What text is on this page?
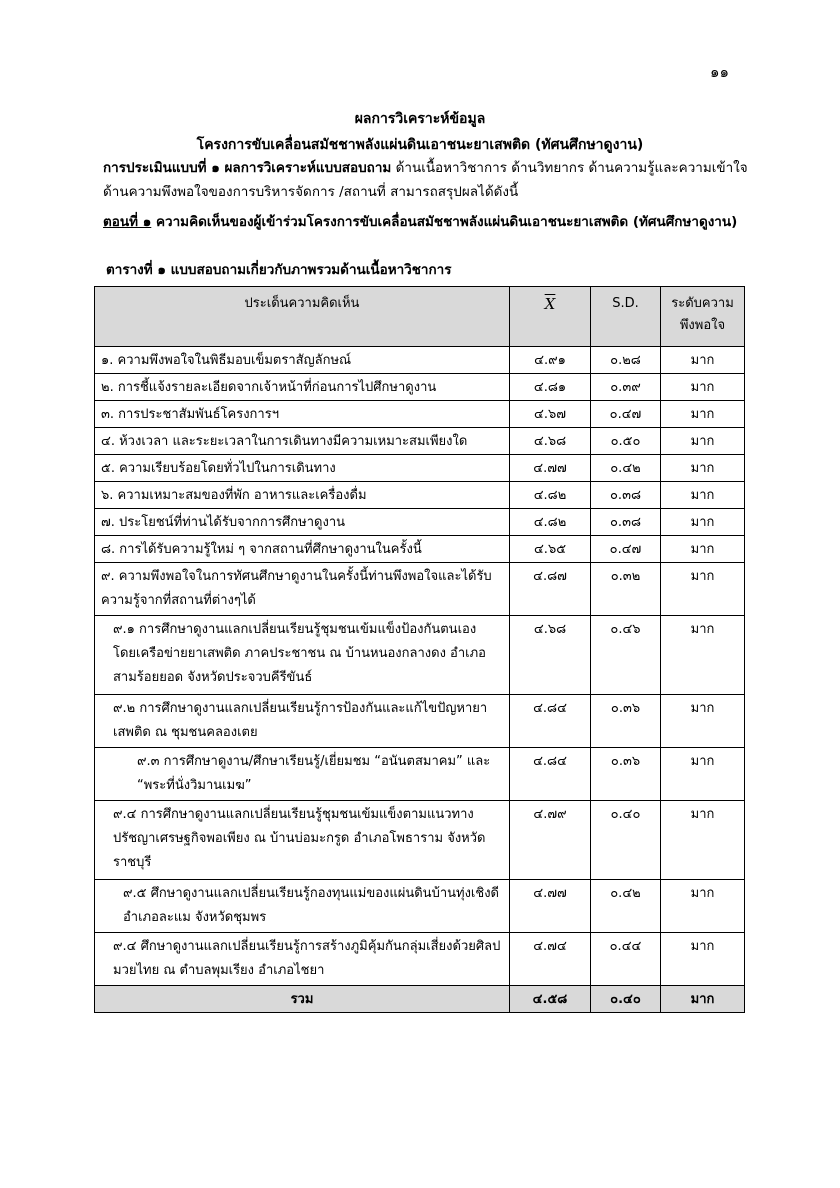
๑๑
ผลการวิเคราะห์ข้อมูล
โครงการขับเคลื่อนสมัชชาพลังแผ่นดินเอาชนะยาเสพติด (ทัศนศึกษาดูงาน)
การประเมินแบบที่ ๑ ผลการวิเคราะห์แบบสอบถาม ด้านเนื้อหาวิชาการ ด้านวิทยากร ด้านความรู้และความเข้าใจ ด้านความพึงพอใจของการบริหารจัดการ /สถานที่ สามารถสรุปผลได้ดังนี้
ตอนที่ ๑ ความคิดเห็นของผู้เข้าร่วมโครงการขับเคลื่อนสมัชชาพลังแผ่นดินเอาชนะยาเสพติด (ทัศนศึกษาดูงาน)
ตารางที่ ๑ แบบสอบถามเกี่ยวกับภาพรวมด้านเนื้อหาวิชาการ
ประเด็นความคิดเห็น	$\overline{X}$	S.D.	ระดับความ
พึงพอใจ
๑. ความพึงพอใจในพิธีมอบเข็มตราสัญลักษณ์	๔.๙๑	๐.๒๘	มาก
๒. การชี้แจ้งรายละเอียดจากเจ้าหน้าที่ก่อนการไปศึกษาดูงาน	๔.๘๑	๐.๓๙	มาก
๓. การประชาสัมพันธ์โครงการฯ	๔.๖๗	๐.๔๗	มาก
๔. ห้วงเวลา และระยะเวลาในการเดินทางมีความเหมาะสมเพียงใด	๔.๖๘	๐.๕๐	มาก
๕. ความเรียบร้อยโดยทั่วไปในการเดินทาง	๔.๗๗	๐.๔๒	มาก
๖. ความเหมาะสมของที่พัก อาหารและเครื่องดื่ม	๔.๘๒	๐.๓๘	มาก
๗. ประโยชน์ที่ท่านได้รับจากการศึกษาดูงาน	๔.๘๒	๐.๓๘	มาก
๘. การได้รับความรู้ใหม่ ๆ จากสถานที่ศึกษาดูงานในครั้งนี้	๔.๖๕	๐.๔๗	มาก
๙. ความพึงพอใจในการทัศนศึกษาดูงานในครั้งนี้ท่านพึงพอใจและได้รับความรู้จากที่สถานที่ต่างๆได้	๔.๘๗	๐.๓๒	มาก
๙.๑ การศึกษาดูงานแลกเปลี่ยนเรียนรู้ชุมชนเข้มแข็งป้องกันตนเอง โดยเครือข่ายยาเสพติด ภาคประชาชน ณ บ้านหนองกลางดง อำเภอสามร้อยยอด จังหวัดประจวบคีรีขันธ์	๔.๖๘	๐.๔๖	มาก
๙.๒ การศึกษาดูงานแลกเปลี่ยนเรียนรู้การป้องกันและแก้ไขปัญหายาเสพติด ณ ชุมชนคลองเตย	๔.๘๔	๐.๓๖	มาก
๙.๓ การศึกษาดูงาน/ศึกษาเรียนรู้/เยี่ยมชม “อนันตสมาคม” และ “พระที่นั่งวิมานเมฆ”	๔.๘๔	๐.๓๖	มาก
๙.๔ การศึกษาดูงานแลกเปลี่ยนเรียนรู้ชุมชนเข้มแข็งตามแนวทางปรัชญาเศรษฐกิจพอเพียง ณ บ้านบ่อมะกรูด อำเภอโพธาราม จังหวัดราชบุรี	๔.๗๙	๐.๔๐	มาก
๙.๕ ศึกษาดูงานแลกเปลี่ยนเรียนรู้กองทุนแม่ของแผ่นดินบ้านทุ่งเชิงดี อำเภอละแม จังหวัดชุมพร	๔.๗๗	๐.๔๒	มาก
๙.๔ ศึกษาดูงานแลกเปลี่ยนเรียนรู้การสร้างภูมิคุ้มกันกลุ่มเสี่ยงด้วยศิลปมวยไทย ณ ตำบลพุมเรียง อำเภอไชยา	๔.๗๔	๐.๔๔	มาก
รวม	๔.๕๘	๐.๔๐	มาก
